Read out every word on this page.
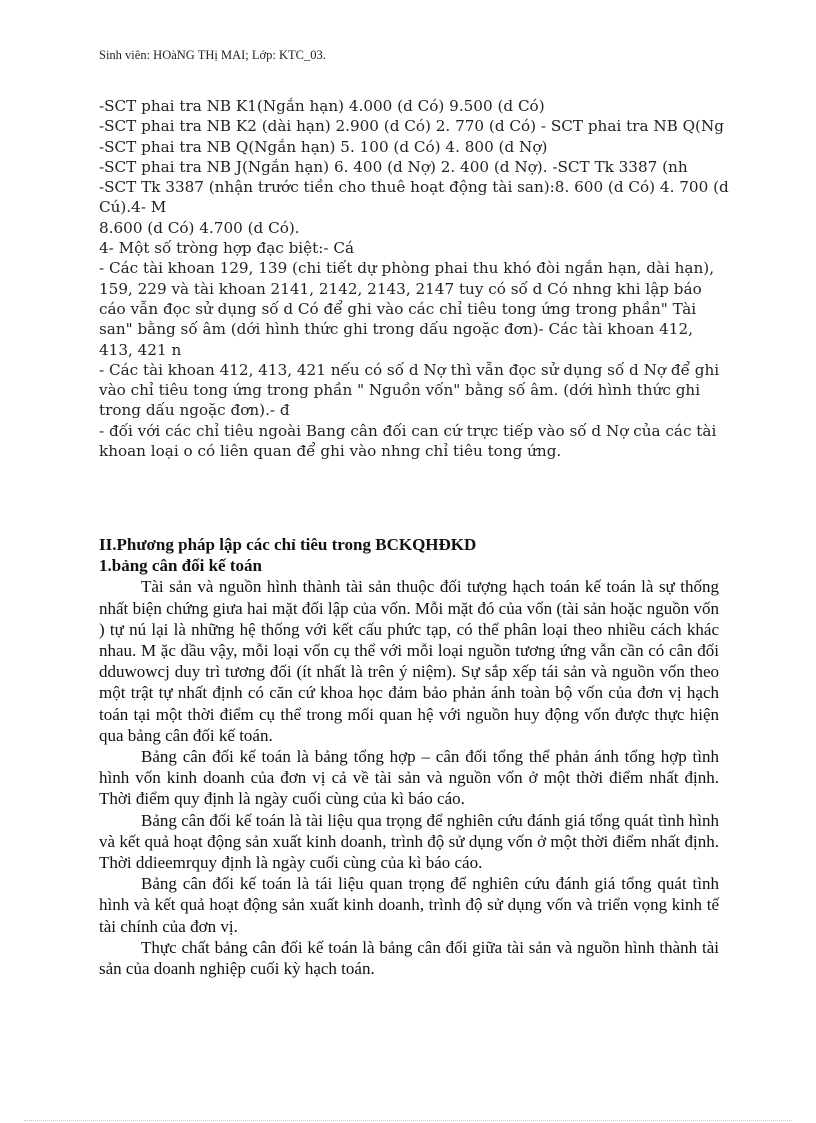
Sinh viên: HOàNG THị MAI; Lớp: KTC_03.

-SCT phai tra NB K1(Ngắn hạn) 4.000 (d Có) 9.500 (d Có)

-SCT phai tra NB K2 (dài hạn) 2.900 (d Có) 2. 770 (d Có) - SCT phai tra NB Q(Ng

-SCT phai tra NB Q(Ngắn hạn) 5. 100 (d Có) 4. 800 (d Nợ)

-SCT phai tra NB J(Ngắn hạn) 6. 400 (d Nợ) 2. 400 (d Nợ). -SCT Tk 3387 (nh

-SCT Tk 3387 (nhận trước tiền cho thuê hoạt động tài san):8. 600 (d Có) 4. 700 (d Cú).4- M

8.600 (d Có) 4.700 (d Có).

4- Một số tròng hợp đạc biệt:- Cá

- Các tài khoan 129, 139 (chi tiết dự phòng phai thu khó đòi ngắn hạn, dài hạn), 159, 229 và tài khoan 2141, 2142, 2143, 2147 tuy có số d Có nhng khi lập báo cáo vẫn đọc sử dụng số d Có để ghi vào các chỉ tiêu tong ứng trong phần" Tài san" bằng số âm (dới hình thức ghi trong dấu ngoặc đơn)- Các tài khoan 412, 413, 421 n

- Các tài khoan 412, 413, 421 nếu có số d Nợ thì vẫn đọc sử dụng số d Nợ để ghi vào chỉ tiêu tong ứng trong phần " Nguồn vốn" bằng số âm. (dới hình thức ghi trong dấu ngoặc đơn).- đ

- đối với các chỉ tiêu ngoài Bang cân đối can cứ trực tiếp vào số d Nợ của các tài khoan loại o có liên quan để ghi vào nhng chỉ tiêu tong ứng.

II.Phương pháp lập các chỉ tiêu trong BCKQHĐKD
1.bảng cân đối kế toán

Tài sản và nguồn hình thành tài sản thuộc đối tượng hạch toán kế toán là sự thống nhất biện chứng giưa hai mặt đối lập của vốn. Mỗi mặt đó của vốn (tài sản hoặc nguồn vốn ) tự nú lại là những hệ thống với kết cấu phức tạp, có thể phân loại theo nhiều cách khác nhau. M ặc dầu vậy, mỗi loại vốn cụ thể với mỗi loại nguồn tương ứng vẫn cần có cân đối dduwowcj duy trì tương đối (ít nhất là trên ý niệm). Sự sắp xếp tái sản và nguồn vốn theo một trật tự nhất định có căn cứ khoa học đảm bảo phản ánh toàn bộ vốn của đơn vị hạch toán tại một thời điểm cụ thể trong mối quan hệ với nguồn huy động vốn được thực hiện qua bảng cân đối kế toán.

Bảng cân đối kế toán là bảng tổng hợp – cân đối tổng thể phản ánh tổng hợp tình hình vốn kinh doanh của đơn vị cả về tài sản và nguồn vốn ở một thời điểm nhất định. Thời điểm quy định là ngày cuối cùng của kì báo cáo.

Bảng cân đối kế toán là tài liệu qua trọng để nghiên cứu đánh giá tổng quát tình hình và kết quả hoạt động sản xuất kinh doanh, trình độ sử dụng vốn ở một thời điểm nhất định. Thời ddieemrquy định là ngày cuối cùng của kì báo cáo.

Bảng cân đối kế toán là tái liệu quan trọng để nghiên cứu đánh giá tổng quát tình hình và kết quả hoạt động sản xuất kinh doanh, trình độ sử dụng vốn và triển vọng kinh tế tài chính của đơn vị.

Thực chất bảng cân đối kế toán là bảng cân đối giữa tài sản và nguồn hình thành tài sản của doanh nghiệp cuối kỳ hạch toán.
